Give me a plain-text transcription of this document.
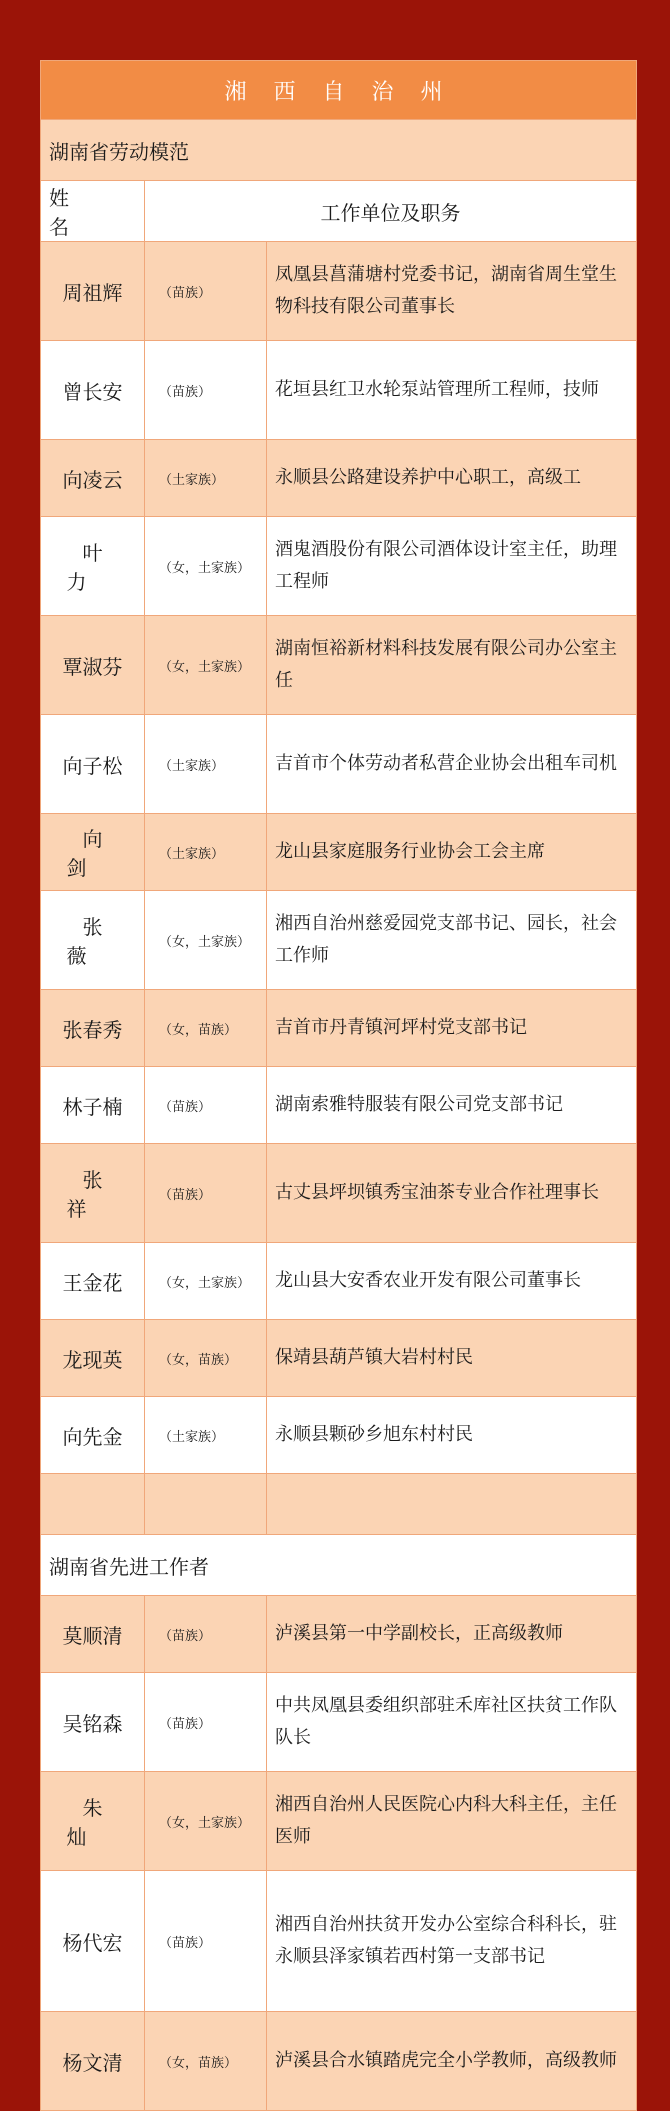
湘 西 自 治 州		
湖南省劳动模范		
姓　名	工作单位及职务	
周祖辉	（苗族）	凤凰县菖蒲塘村党委书记，湖南省周生堂生物科技有限公司董事长
曾长安	（苗族）	花垣县红卫水轮泵站管理所工程师，技师
向凌云	（土家族）	永顺县公路建设养护中心职工，高级工
叶力	（女，土家族）	酒鬼酒股份有限公司酒体设计室主任，助理工程师
覃淑芬	（女，土家族）	湖南恒裕新材料科技发展有限公司办公室主任
向子松	（土家族）	吉首市个体劳动者私营企业协会出租车司机
向剑	（土家族）	龙山县家庭服务行业协会工会主席
张薇	（女，土家族）	湘西自治州慈爱园党支部书记、园长，社会工作师
张春秀	（女，苗族）	吉首市丹青镇河坪村党支部书记
林子楠	（苗族）	湖南索雅特服装有限公司党支部书记
张祥	（苗族）	古丈县坪坝镇秀宝油茶专业合作社理事长
王金花	（女，土家族）	龙山县大安香农业开发有限公司董事长
龙现英	（女，苗族）	保靖县葫芦镇大岩村村民
向先金	（土家族）	永顺县颗砂乡旭东村村民

湖南省先进工作者		
莫顺清	（苗族）	泸溪县第一中学副校长，正高级教师
吴铭森	（苗族）	中共凤凰县委组织部驻禾库社区扶贫工作队队长
朱灿	（女，土家族）	湘西自治州人民医院心内科大科主任，主任医师
杨代宏	（苗族）	湘西自治州扶贫开发办公室综合科科长，驻永顺县泽家镇若西村第一支部书记
杨文清	（女，苗族）	泸溪县合水镇踏虎完全小学教师，高级教师
